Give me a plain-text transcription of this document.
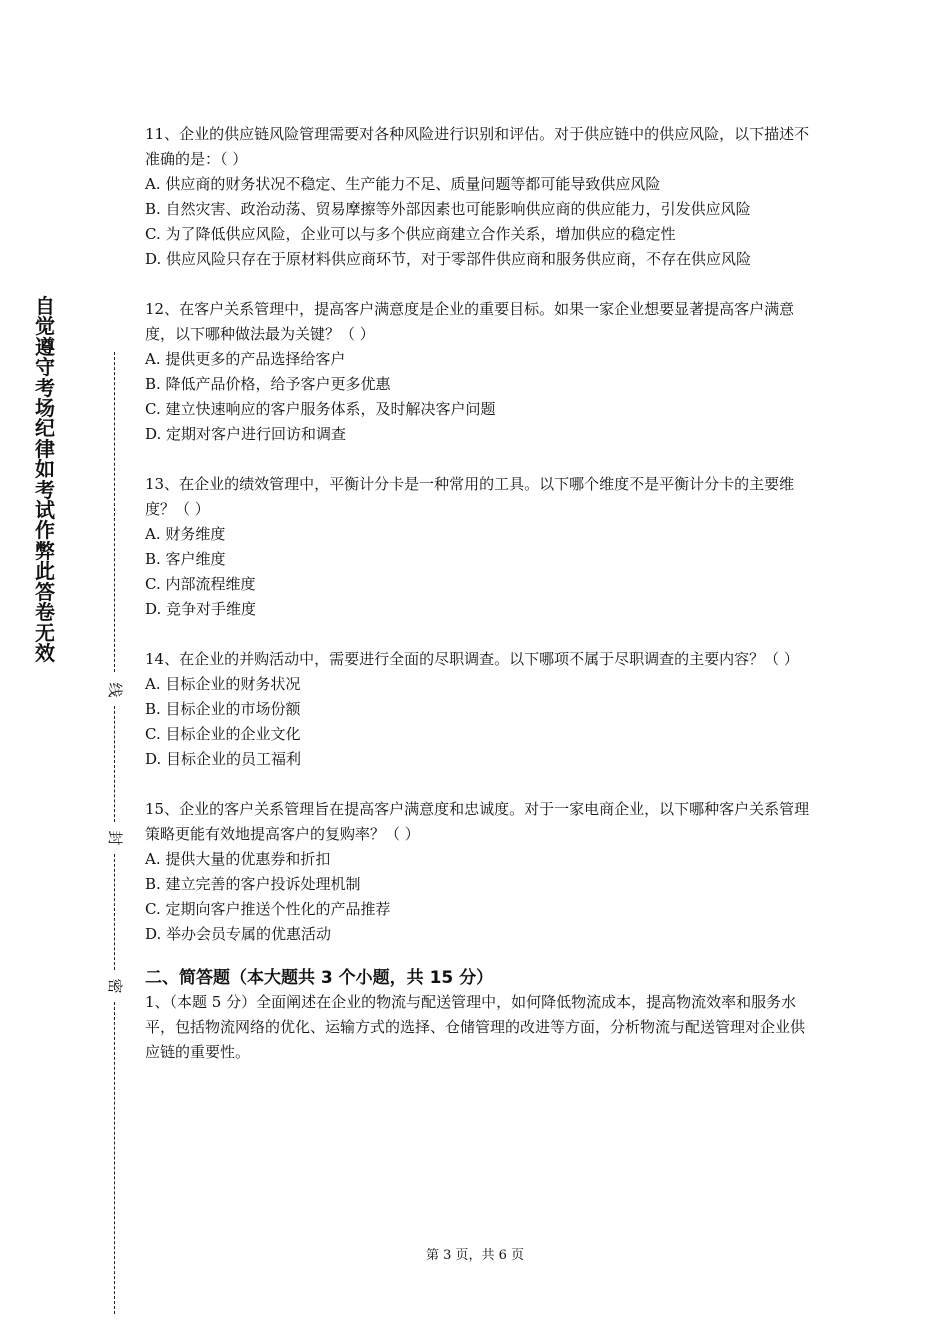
自觉遵守考场纪律如考试作弊此答卷无效
线
封
密

11、企业的供应链风险管理需要对各种风险进行识别和评估。对于供应链中的供应风险，以下描述不准确的是：（ ）

A. 供应商的财务状况不稳定、生产能力不足、质量问题等都可能导致供应风险

B. 自然灾害、政治动荡、贸易摩擦等外部因素也可能影响供应商的供应能力，引发供应风险

C. 为了降低供应风险，企业可以与多个供应商建立合作关系，增加供应的稳定性

D. 供应风险只存在于原材料供应商环节，对于零部件供应商和服务供应商，不存在供应风险

12、在客户关系管理中，提高客户满意度是企业的重要目标。如果一家企业想要显著提高客户满意度，以下哪种做法最为关键？（ ）

A. 提供更多的产品选择给客户

B. 降低产品价格，给予客户更多优惠

C. 建立快速响应的客户服务体系，及时解决客户问题

D. 定期对客户进行回访和调查

13、在企业的绩效管理中，平衡计分卡是一种常用的工具。以下哪个维度不是平衡计分卡的主要维度？（ ）

A. 财务维度

B. 客户维度

C. 内部流程维度

D. 竞争对手维度

14、在企业的并购活动中，需要进行全面的尽职调查。以下哪项不属于尽职调查的主要内容？（ ）

A. 目标企业的财务状况

B. 目标企业的市场份额

C. 目标企业的企业文化

D. 目标企业的员工福利

15、企业的客户关系管理旨在提高客户满意度和忠诚度。对于一家电商企业，以下哪种客户关系管理策略更能有效地提高客户的复购率？（ ）

A. 提供大量的优惠券和折扣

B. 建立完善的客户投诉处理机制

C. 定期向客户推送个性化的产品推荐

D. 举办会员专属的优惠活动

二、简答题（本大题共 3 个小题，共 15 分）

1、（本题 5 分）全面阐述在企业的物流与配送管理中，如何降低物流成本，提高物流效率和服务水平，包括物流网络的优化、运输方式的选择、仓储管理的改进等方面，分析物流与配送管理对企业供应链的重要性。

第 3 页，共 6 页
